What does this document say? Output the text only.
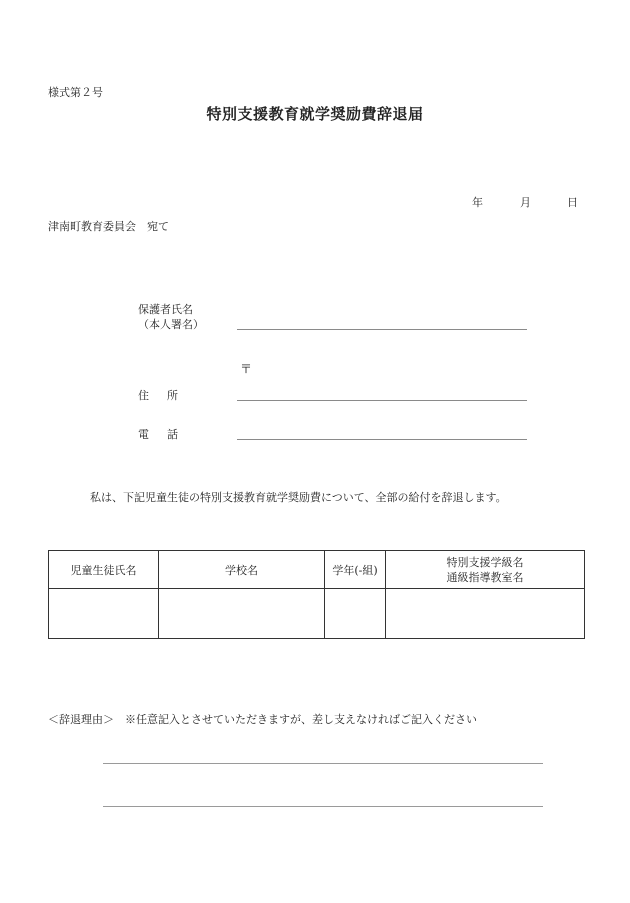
様式第２号
特別支援教育就学奨励費辞退届
年	月	日
津南町教育委員会　宛て
保護者氏名
（本人署名）
〒
住所
電話
私は、下記児童生徒の特別支援教育就学奨励費について、全部の給付を辞退します。
児童生徒氏名	学校名	学年(-組)	特別支援学級名
通級指導教室名

＜辞退理由＞　※任意記入とさせていただきますが、差し支えなければご記入ください
